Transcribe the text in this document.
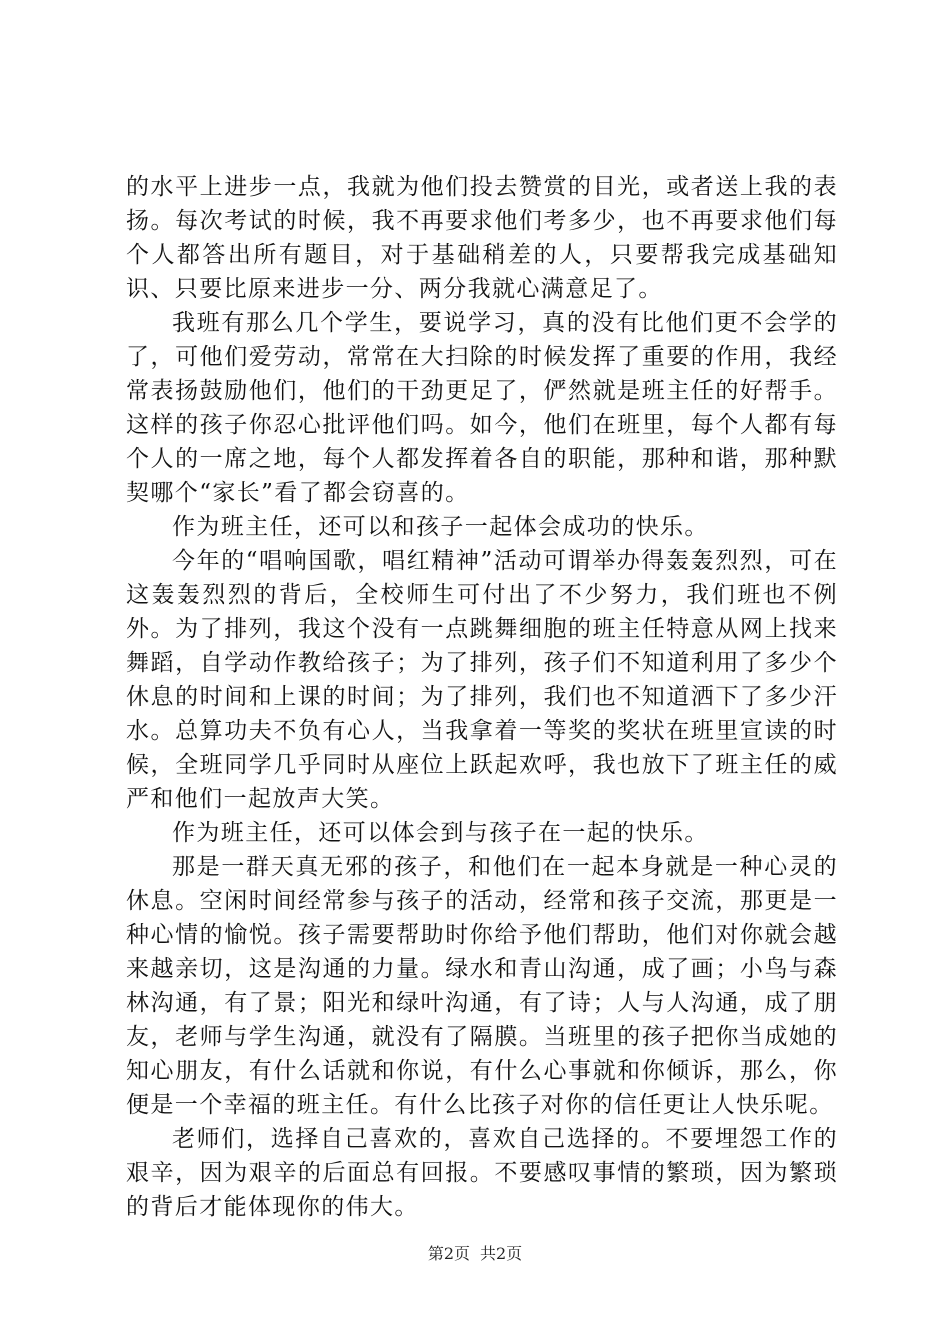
的水平上进步一点，我就为他们投去赞赏的目光，或者送上我的表扬。每次考试的时候，我不再要求他们考多少，也不再要求他们每个人都答出所有题目，对于基础稍差的人，只要帮我完成基础知识、只要比原来进步一分、两分我就心满意足了。

我班有那么几个学生，要说学习，真的没有比他们更不会学的了，可他们爱劳动，常常在大扫除的时候发挥了重要的作用，我经常表扬鼓励他们，他们的干劲更足了，俨然就是班主任的好帮手。这样的孩子你忍心批评他们吗。如今，他们在班里，每个人都有每个人的一席之地，每个人都发挥着各自的职能，那种和谐，那种默契哪个“家长”看了都会窃喜的。

作为班主任，还可以和孩子一起体会成功的快乐。

今年的“唱响国歌，唱红精神”活动可谓举办得轰轰烈烈，可在这轰轰烈烈的背后，全校师生可付出了不少努力，我们班也不例外。为了排列，我这个没有一点跳舞细胞的班主任特意从网上找来舞蹈，自学动作教给孩子；为了排列，孩子们不知道利用了多少个休息的时间和上课的时间；为了排列，我们也不知道洒下了多少汗水。总算功夫不负有心人，当我拿着一等奖的奖状在班里宣读的时候，全班同学几乎同时从座位上跃起欢呼，我也放下了班主任的威严和他们一起放声大笑。

作为班主任，还可以体会到与孩子在一起的快乐。

那是一群天真无邪的孩子，和他们在一起本身就是一种心灵的休息。空闲时间经常参与孩子的活动，经常和孩子交流，那更是一种心情的愉悦。孩子需要帮助时你给予他们帮助，他们对你就会越来越亲切，这是沟通的力量。绿水和青山沟通，成了画；小鸟与森林沟通，有了景；阳光和绿叶沟通，有了诗；人与人沟通，成了朋友，老师与学生沟通，就没有了隔膜。当班里的孩子把你当成她的知心朋友，有什么话就和你说，有什么心事就和你倾诉，那么，你便是一个幸福的班主任。有什么比孩子对你的信任更让人快乐呢。

老师们，选择自己喜欢的，喜欢自己选择的。不要埋怨工作的艰辛，因为艰辛的后面总有回报。不要感叹事情的繁琐，因为繁琐的背后才能体现你的伟大。

第2页 共2页
